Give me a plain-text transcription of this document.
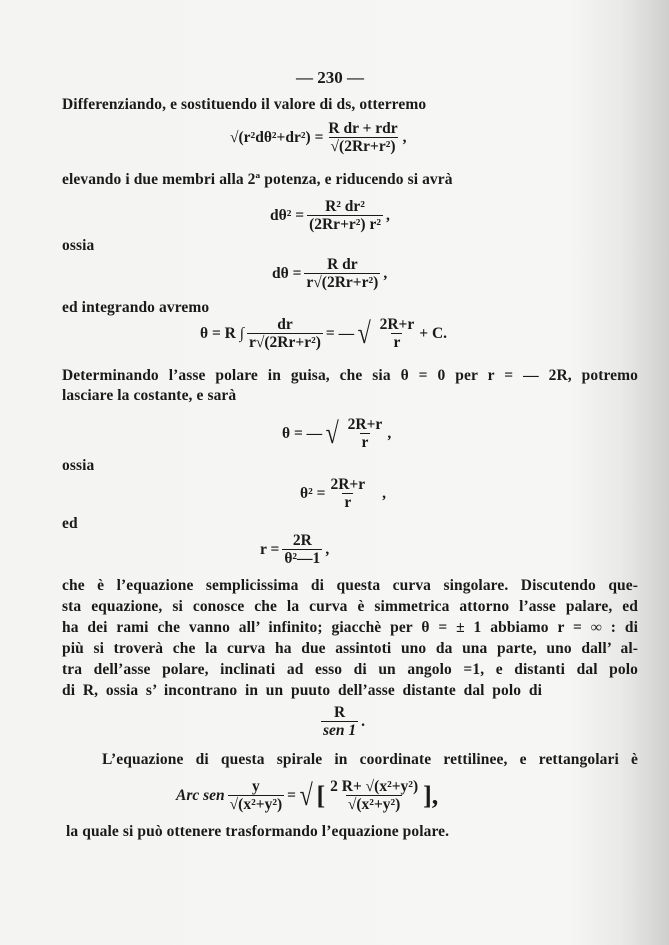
— 230 —
Differenziando, e sostituendo il valore di ds, otterremo
$√(r^2d\theta^2+dr^2) = \frac{\text{R dr + rdr}}{\text{√(2Rr+r²)}}$ ,
elevando i due membri alla 2ª potenza, e riducendo si avrà
$d\theta^2 = \frac{\text{R² dr²}}{\text{(2Rr+r²) r²}}$ ,
ossia
$d\theta = \frac{\text{R dr}}{\text{r√(2Rr+r²)}}$ ,
ed integrando avremo
θ = R ∫ $\frac{dr}{\text{r√(2Rr+r²)}}$ = — √ $\frac{2R+r}{r} + C$.
Determinando l’asse polare in guisa, che sia θ = 0 per r = — 2R, potremo
lasciare la costante, e sarà
θ = — √ $\frac{2R+r}{r}$ ,
ossia
$\theta^2 = \frac{2R+r}{r}$ ,
ed
$r = \frac{2R}{\text{θ²—1}}$ ,
che è l’equazione semplicissima di questa curva singolare. Discutendo que-
sta equazione, si conosce che la curva è simmetrica attorno l’asse palare, ed
ha dei rami che vanno all’ infinito; giacchè per θ = ± 1 abbiamo r = ∞ : di
più si troverà che la curva ha due assintoti uno da una parte, uno dall’ al-
tra dell’asse polare, inclinati ad esso di un angolo =1, e distanti dal polo
di R, ossia s’ incontrano in un puuto dell’asse distante dal polo di
$\frac{R}{\text{sen 1}}$ .
L’equazione di questa spirale in coordinate rettilinee, e rettangolari è
Arc sen $\frac{y}{\text{√(x²+y²)}}$ = √ [ $\frac{\text{2 R+ √(x²+y²)}}{\text{√(x²+y²)}}$ ],
la quale si può ottenere trasformando l’equazione polare.
